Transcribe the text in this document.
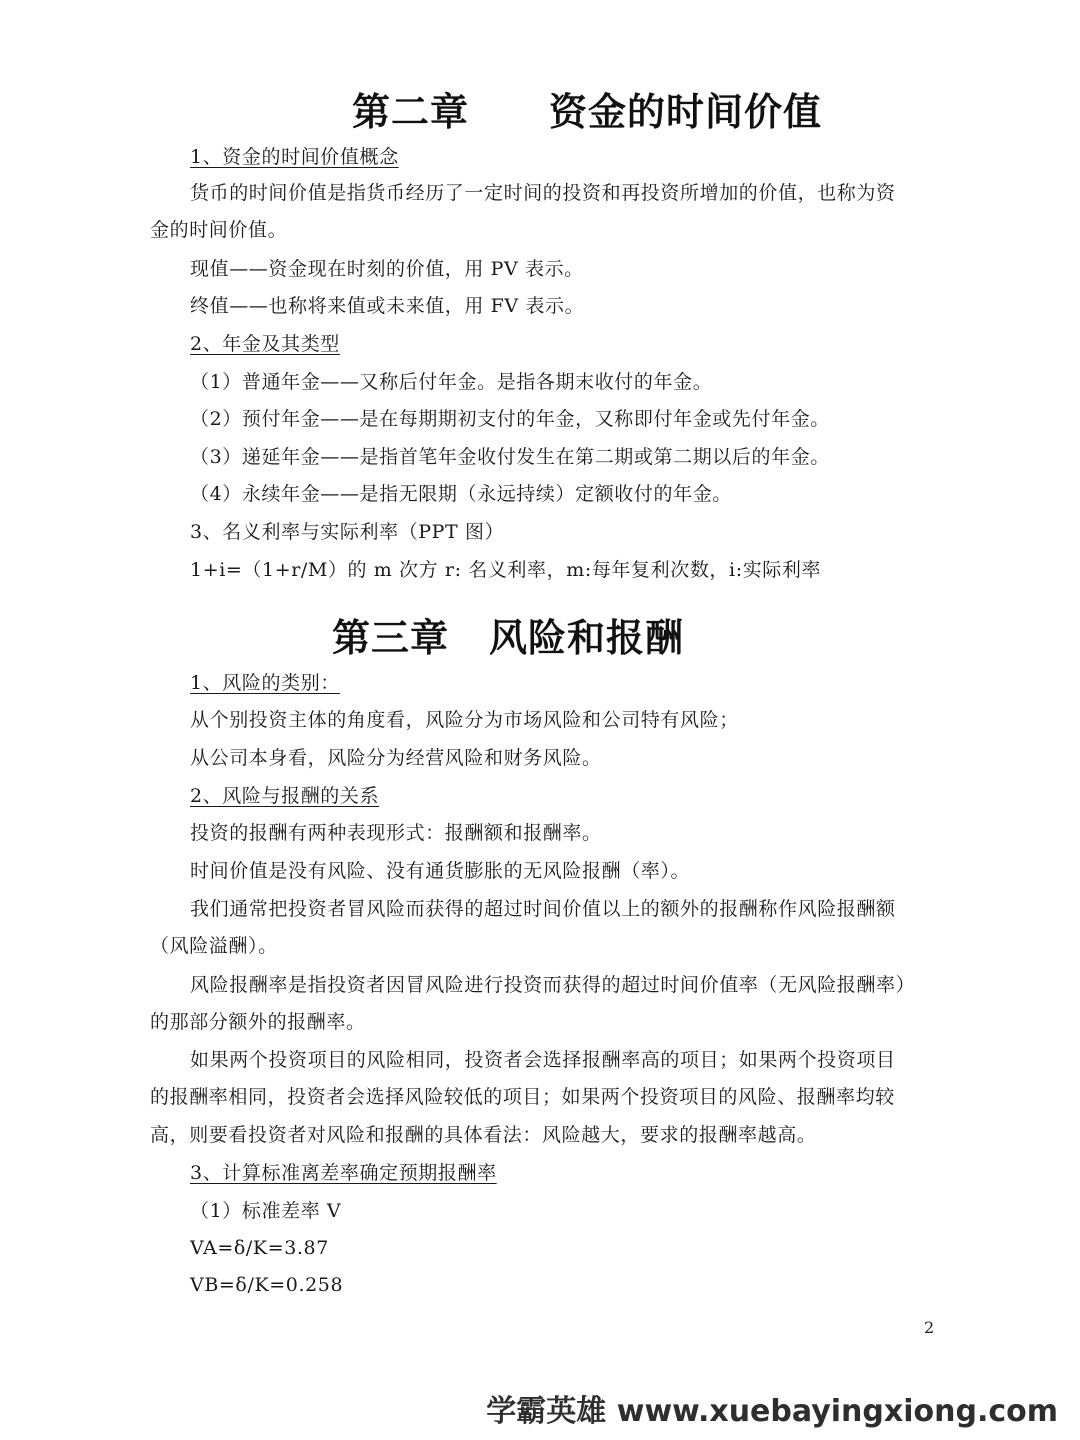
第二章 资金的时间价值
1、资金的时间价值概念
货币的时间价值是指货币经历了一定时间的投资和再投资所增加的价值，也称为资
金的时间价值。
现值——资金现在时刻的价值，用 PV 表示。
终值——也称将来值或未来值，用 FV 表示。
2、年金及其类型
（1）普通年金——又称后付年金。是指各期末收付的年金。
（2）预付年金——是在每期期初支付的年金，又称即付年金或先付年金。
（3）递延年金——是指首笔年金收付发生在第二期或第二期以后的年金。
（4）永续年金——是指无限期（永远持续）定额收付的年金。
3、名义利率与实际利率（PPT 图）
1+i=（1+r/M）的 m 次方 r: 名义利率，m:每年复利次数，i:实际利率
第三章 风险和报酬
1、风险的类别：
从个别投资主体的角度看，风险分为市场风险和公司特有风险；
从公司本身看，风险分为经营风险和财务风险。
2、风险与报酬的关系
投资的报酬有两种表现形式：报酬额和报酬率。
时间价值是没有风险、没有通货膨胀的无风险报酬（率）。
我们通常把投资者冒风险而获得的超过时间价值以上的额外的报酬称作风险报酬额
（风险溢酬）。
风险报酬率是指投资者因冒风险进行投资而获得的超过时间价值率（无风险报酬率）
的那部分额外的报酬率。
如果两个投资项目的风险相同，投资者会选择报酬率高的项目；如果两个投资项目
的报酬率相同，投资者会选择风险较低的项目；如果两个投资项目的风险、报酬率均较
高，则要看投资者对风险和报酬的具体看法：风险越大，要求的报酬率越高。
3、计算标准离差率确定预期报酬率
（1）标准差率 V
VA=δ/K=3.87
VB=δ/K=0.258
2
学霸英雄 www.xuebayingxiong.com
